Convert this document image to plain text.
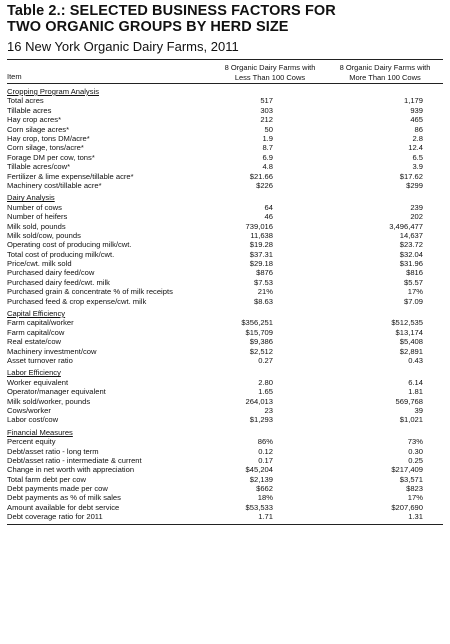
Table 2.: SELECTED BUSINESS FACTORS FOR
TWO ORGANIC GROUPS BY HERD SIZE
16 New York Organic Dairy Farms, 2011
Item
8 Organic Dairy Farms with
Less Than 100 Cows
8 Organic Dairy Farms with
More Than 100 Cows
Cropping Program Analysis
Total acres	517	1,179
Tillable acres	303	939
Hay crop acres*	212	465
Corn silage acres*	50	86
Hay crop, tons DM/acre*	1.9	2.8
Corn silage, tons/acre*	8.7	12.4
Forage DM per cow, tons*	6.9	6.5
Tillable acres/cow*	4.8	3.9
Fertilizer & lime expense/tillable acre*	$21.66	$17.62
Machinery cost/tillable acre*	$226	$299
Dairy Analysis
Number of cows	64	239
Number of heifers	46	202
Milk sold, pounds	739,016	3,496,477
Milk sold/cow, pounds	11,638	14,637
Operating cost of producing milk/cwt.	$19.28	$23.72
Total cost of producing milk/cwt.	$37.31	$32.04
Price/cwt. milk sold	$29.18	$31.96
Purchased dairy feed/cow	$876	$816
Purchased dairy feed/cwt. milk	$7.53	$5.57
Purchased grain & concentrate % of milk receipts	21%	17%
Purchased feed & crop expense/cwt. milk	$8.63	$7.09
Capital Efficiency
Farm capital/worker	$356,251	$512,535
Farm capital/cow	$15,709	$13,174
Real estate/cow	$9,386	$5,408
Machinery investment/cow	$2,512	$2,891
Asset turnover ratio	0.27	0.43
Labor Efficiency
Worker equivalent	2.80	6.14
Operator/manager equivalent	1.65	1.81
Milk sold/worker, pounds	264,013	569,768
Cows/worker	23	39
Labor cost/cow	$1,293	$1,021
Financial Measures
Percent equity	86%	73%
Debt/asset ratio - long term	0.12	0.30
Debt/asset ratio - intermediate & current	0.17	0.25
Change in net worth with appreciation	$45,204	$217,409
Total farm debt per cow	$2,139	$3,571
Debt payments made per cow	$662	$823
Debt payments as % of milk sales	18%	17%
Amount available for debt service	$53,533	$207,690
Debt coverage ratio for 2011	1.71	1.31
